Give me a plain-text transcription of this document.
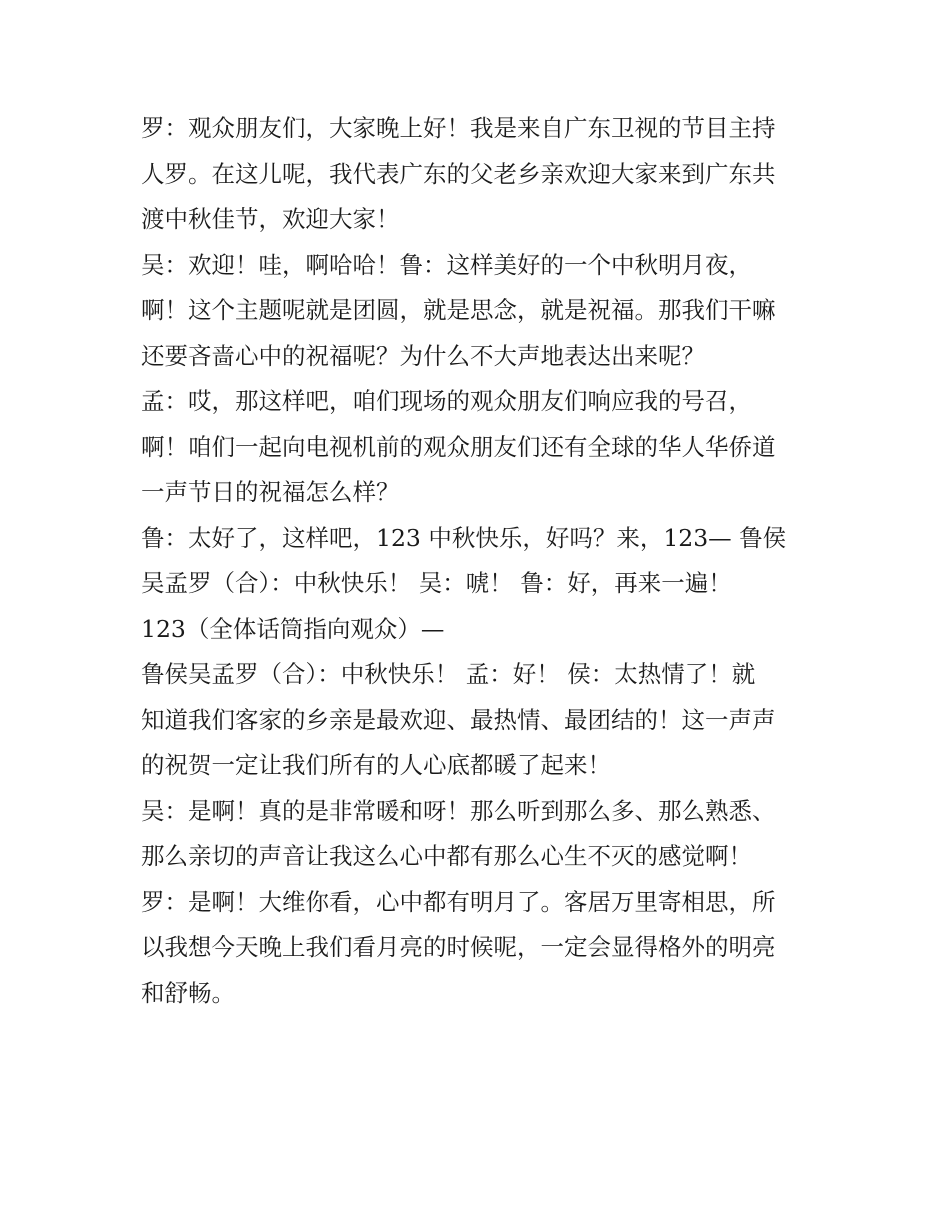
罗：观众朋友们，大家晚上好！我是来自广东卫视的节目主持
人罗。在这儿呢，我代表广东的父老乡亲欢迎大家来到广东共
渡中秋佳节，欢迎大家！
吴：欢迎！哇，啊哈哈！鲁：这样美好的一个中秋明月夜，
啊！这个主题呢就是团圆，就是思念，就是祝福。那我们干嘛
还要吝啬心中的祝福呢？为什么不大声地表达出来呢？
孟：哎，那这样吧，咱们现场的观众朋友们响应我的号召，
啊！咱们一起向电视机前的观众朋友们还有全球的华人华侨道
一声节日的祝福怎么样？
鲁：太好了，这样吧，123 中秋快乐，好吗？来，123— 鲁侯
吴孟罗（合）：中秋快乐！ 吴：唬！ 鲁：好，再来一遍！
123（全体话筒指向观众）—
鲁侯吴孟罗（合）：中秋快乐！ 孟：好！ 侯：太热情了！就
知道我们客家的乡亲是最欢迎、最热情、最团结的！这一声声
的祝贺一定让我们所有的人心底都暖了起来！
吴：是啊！真的是非常暖和呀！那么听到那么多、那么熟悉、
那么亲切的声音让我这么心中都有那么心生不灭的感觉啊！
罗：是啊！大维你看，心中都有明月了。客居万里寄相思，所
以我想今天晚上我们看月亮的时候呢，一定会显得格外的明亮
和舒畅。
